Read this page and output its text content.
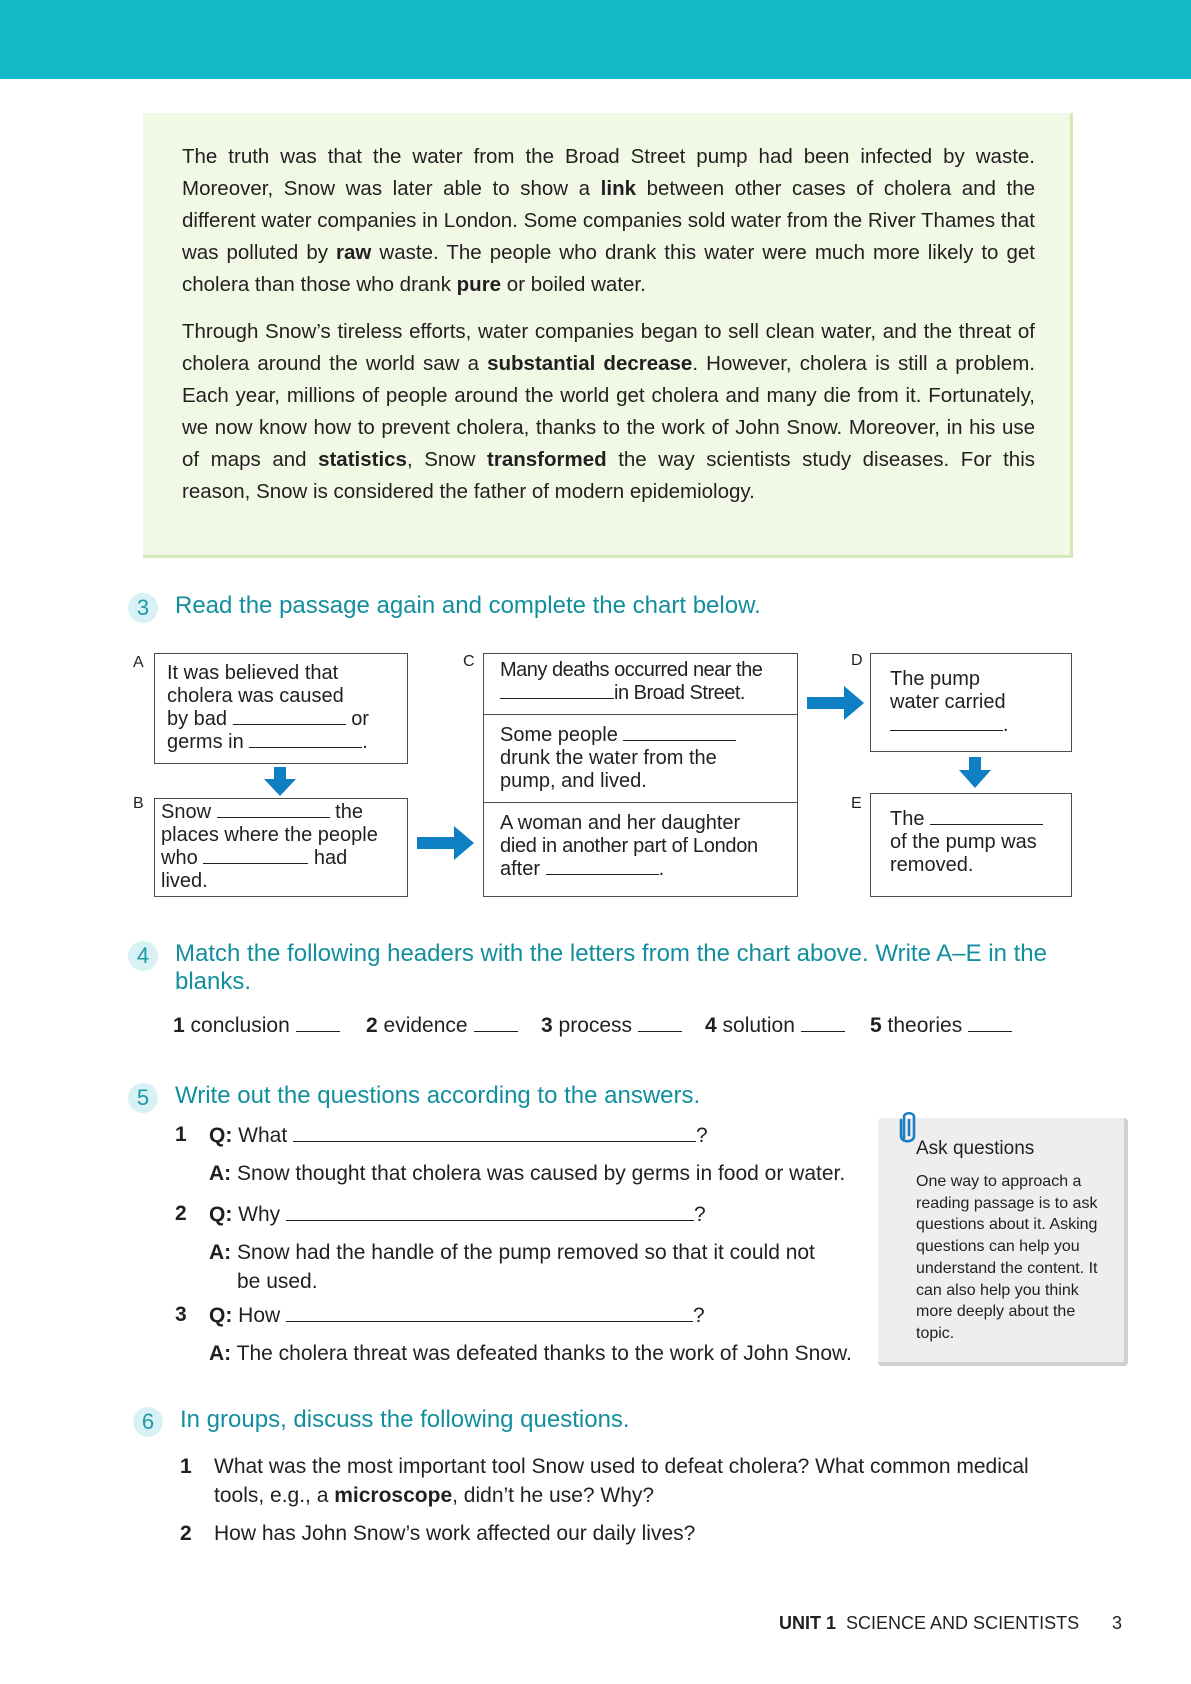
The truth was that the water from the Broad Street pump had been infected by waste. Moreover, Snow was later able to show a link between other cases of cholera and the different water companies in London. Some companies sold water from the River Thames that was polluted by raw waste. The people who drank this water were much more likely to get cholera than those who drank pure or boiled water.

Through Snow’s tireless efforts, water companies began to sell clean water, and the threat of cholera around the world saw a substantial decrease. However, cholera is still a problem. Each year, millions of people around the world get cholera and many die from it. Fortunately, we now know how to prevent cholera, thanks to the work of John Snow. Moreover, in his use of maps and statistics, Snow transformed the way scientists study diseases. For this reason, Snow is considered the father of modern epidemiology.

3	Read the passage again and complete the chart below.
A
B
C	D
E
It was believed that
cholera was caused
by bad	or
germs in	.
Snow	the
places where the people
who	had
lived.
Many deaths occurred near the
in Broad Street.
Some people
drunk the water from the
pump, and lived.
A woman and her daughter
died in another part of London
after	.
The pump
water carried
.
The
of the pump was
removed.
4	Match the following headers with the letters from the chart above. Write A–E in the blanks.
1 conclusion	2 evidence	3 process	4 solution	5 theories
5	Write out the questions according to the answers.
1 Q: What	?
A: Snow thought that cholera was caused by germs in food or water.
2 Q: Why	?
A: Snow had the handle of the pump removed so that it could not
be used.
3 Q: How	?
A: The cholera threat was defeated thanks to the work of John Snow.
Ask questions
One way to approach a reading passage is to ask questions about it. Asking questions can help you understand the content. It can also help you think more deeply about the topic.
6	In groups, discuss the following questions.
1 What was the most important tool Snow used to defeat cholera? What common medical
tools, e.g., a microscope, didn’t he use? Why?
2 How has John Snow’s work affected our daily lives?
UNIT 1 SCIENCE AND SCIENTISTS 3
